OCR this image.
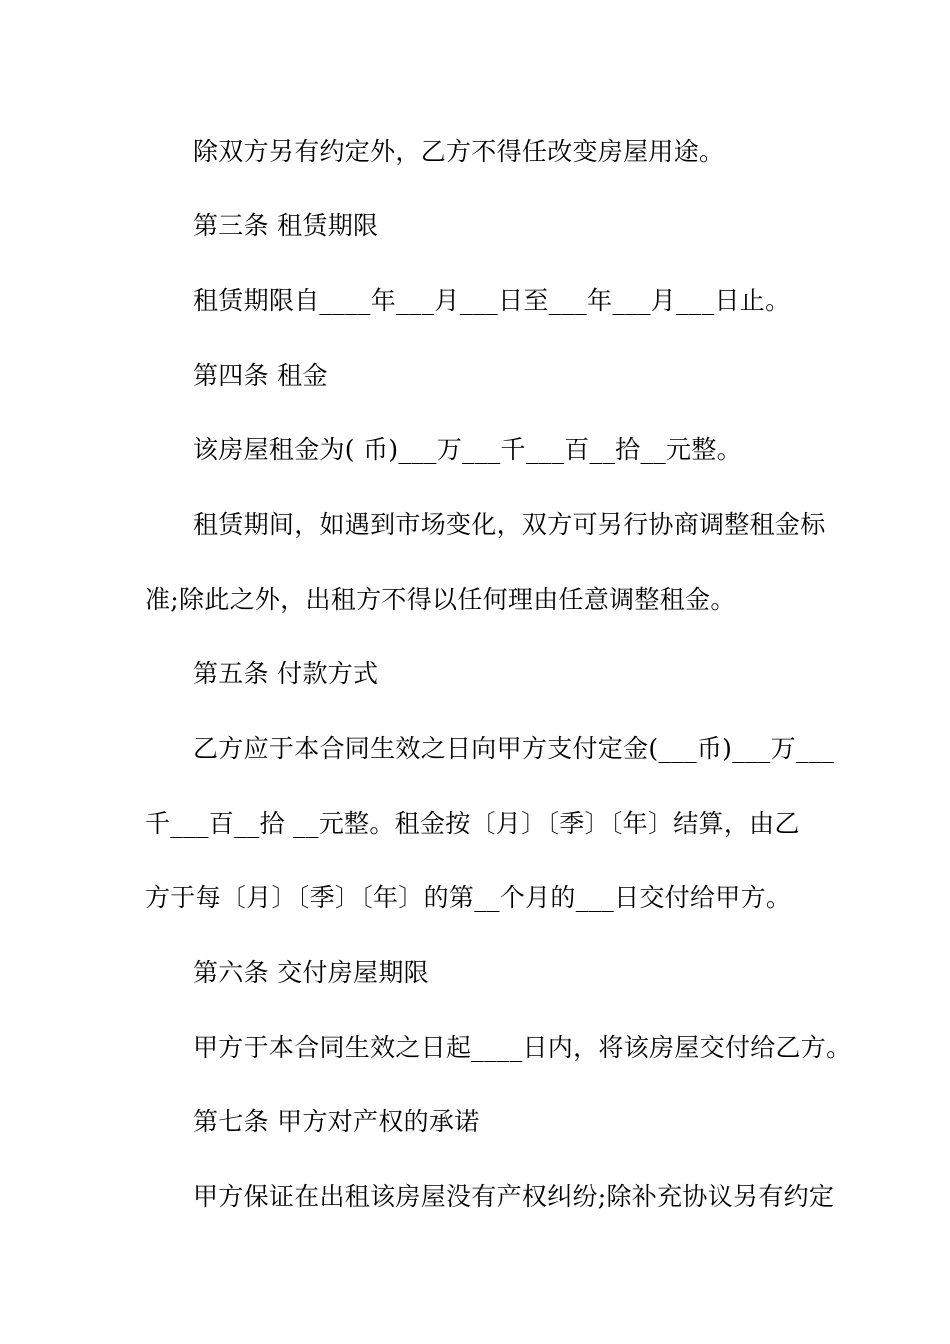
除双方另有约定外，乙方不得任改变房屋用途。
第三条 租赁期限
租赁期限自____年___月___日至___年___月___日止。
第四条 租金
该房屋租金为( 币)___万___千___百__拾__元整。
租赁期间，如遇到市场变化，双方可另行协商调整租金标
准;除此之外，出租方不得以任何理由任意调整租金。
第五条 付款方式
乙方应于本合同生效之日向甲方支付定金(___币)___万___
千___百__拾 __元整。租金按〔月〕〔季〕〔年〕结算，由乙
方于每〔月〕〔季〕〔年〕的第__个月的___日交付给甲方。
第六条 交付房屋期限
甲方于本合同生效之日起____日内，将该房屋交付给乙方。
第七条 甲方对产权的承诺
甲方保证在出租该房屋没有产权纠纷;除补充协议另有约定
